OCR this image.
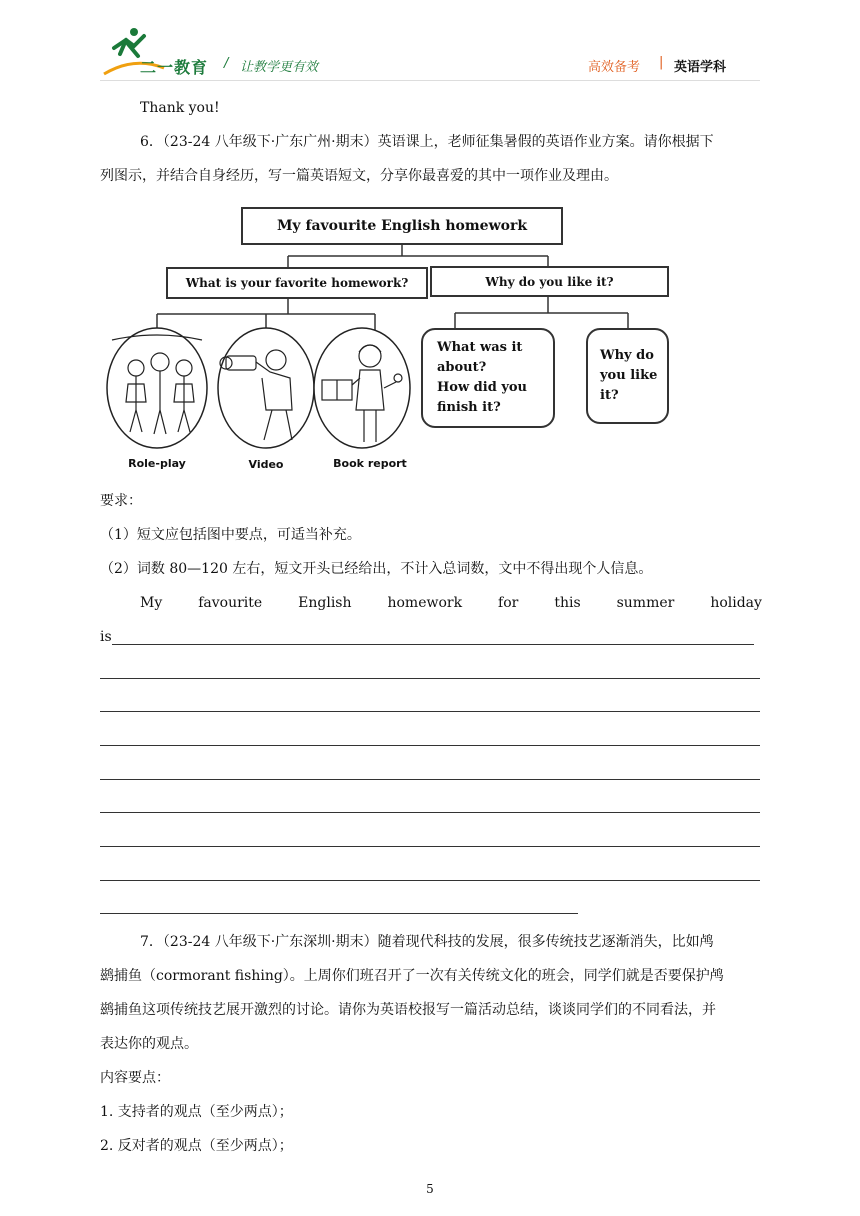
二一教育 / 让教学更有效	高效备考 | 英语学科
Thank you!
6．（23-24 八年级下·广东广州·期末）英语课上，老师征集暑假的英语作业方案。请你根据下
列图示，并结合自身经历，写一篇英语短文，分享你最喜爱的其中一项作业及理由。
My favourite English homework
What is your favorite homework?	Why do you like it?
What was it
about?
How did you
finish it?
Why do
you like
it?
Role-play	Video	Book report
要求：
（1）短文应包括图中要点，可适当补充。
（2）词数 80—120 左右，短文开头已经给出，不计入总词数，文中不得出现个人信息。
My	favourite	English	homework	for	this	summer	holiday
is
7．（23-24 八年级下·广东深圳·期末）随着现代科技的发展，很多传统技艺逐渐消失，比如鸬
鹚捕鱼（cormorant fishing）。上周你们班召开了一次有关传统文化的班会，同学们就是否要保护鸬
鹚捕鱼这项传统技艺展开激烈的讨论。请你为英语校报写一篇活动总结，谈谈同学们的不同看法，并
表达你的观点。
内容要点：
1. 支持者的观点（至少两点）；
2. 反对者的观点（至少两点）；
5
